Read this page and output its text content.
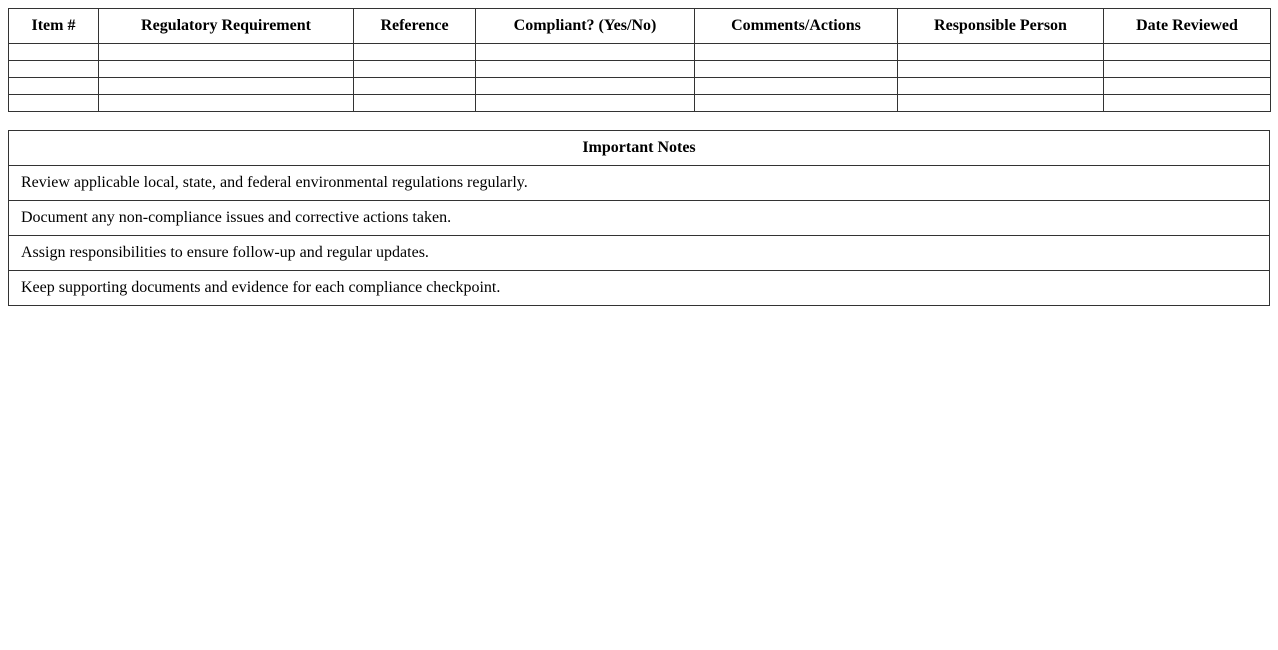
Item #	Regulatory Requirement	Reference	Compliant? (Yes/No)	Comments/Actions	Responsible Person	Date Reviewed

Important Notes
Review applicable local, state, and federal environmental regulations regularly.
Document any non-compliance issues and corrective actions taken.
Assign responsibilities to ensure follow-up and regular updates.
Keep supporting documents and evidence for each compliance checkpoint.
